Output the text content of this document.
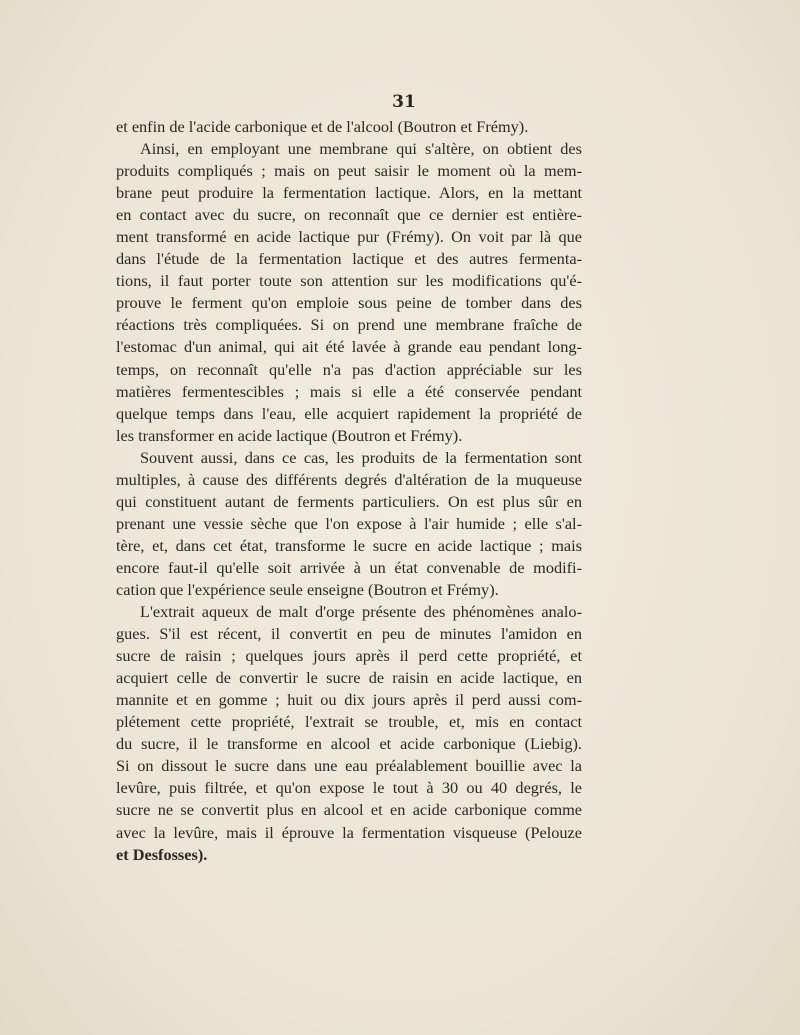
31
et enfin de l'acide carbonique et de l'alcool (Boutron et Frémy).
Ainsi, en employant une membrane qui s'altère, on obtient des
produits compliqués ; mais on peut saisir le moment où la mem-
brane peut produire la fermentation lactique. Alors, en la mettant
en contact avec du sucre, on reconnaît que ce dernier est entière-
ment transformé en acide lactique pur (Frémy). On voit par là que
dans l'étude de la fermentation lactique et des autres fermenta-
tions, il faut porter toute son attention sur les modifications qu'é-
prouve le ferment qu'on emploie sous peine de tomber dans des
réactions très compliquées. Si on prend une membrane fraîche de
l'estomac d'un animal, qui ait été lavée à grande eau pendant long-
temps, on reconnaît qu'elle n'a pas d'action appréciable sur les
matières fermentescibles ; mais si elle a été conservée pendant
quelque temps dans l'eau, elle acquiert rapidement la propriété de
les transformer en acide lactique (Boutron et Frémy).
Souvent aussi, dans ce cas, les produits de la fermentation sont
multiples, à cause des différents degrés d'altération de la muqueuse
qui constituent autant de ferments particuliers. On est plus sûr en
prenant une vessie sèche que l'on expose à l'air humide ; elle s'al-
tère, et, dans cet état, transforme le sucre en acide lactique ; mais
encore faut-il qu'elle soit arrivée à un état convenable de modifi-
cation que l'expérience seule enseigne (Boutron et Frémy).
L'extrait aqueux de malt d'orge présente des phénomènes analo-
gues. S'il est récent, il convertit en peu de minutes l'amidon en
sucre de raisin ; quelques jours après il perd cette propriété, et
acquiert celle de convertir le sucre de raisin en acide lactique, en
mannite et en gomme ; huit ou dix jours après il perd aussi com-
plétement cette propriété, l'extrait se trouble, et, mis en contact
du sucre, il le transforme en alcool et acide carbonique (Liebig).
Si on dissout le sucre dans une eau préalablement bouillie avec la
levûre, puis filtrée, et qu'on expose le tout à 30 ou 40 degrés, le
sucre ne se convertit plus en alcool et en acide carbonique comme
avec la levûre, mais il éprouve la fermentation visqueuse (Pelouze
et Desfosses).
